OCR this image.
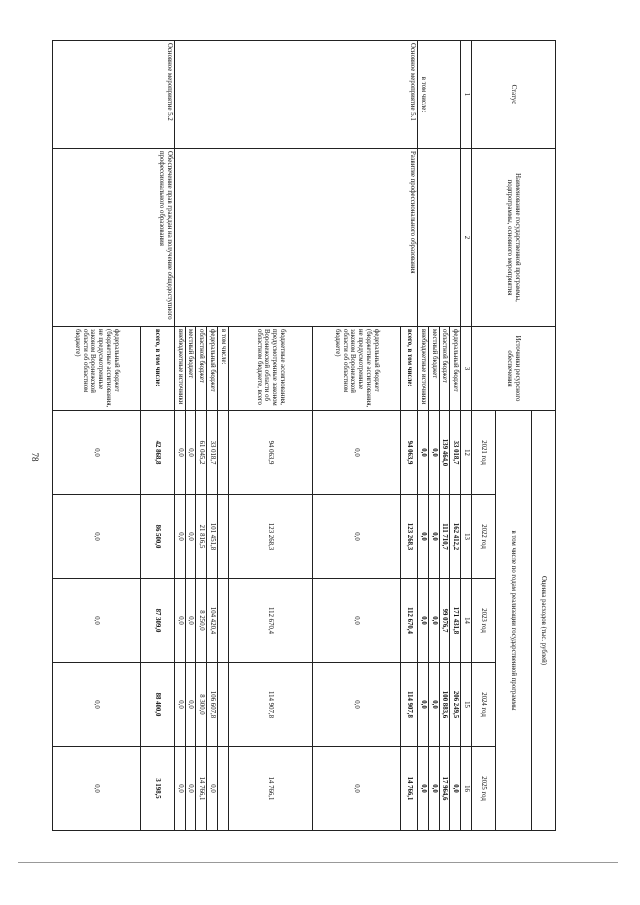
78
Статус	Наименование государственной программы, подпрограммы, основного мероприятия	Источники ресурсного обеспечения	Оценка расходов (тыс. рублей)				
			в том числе по годам реализации государственной программы				
			2021 год	2022 год	2023 год	2024 год	2025 год
1	2	3	12	13	14	15	16
в том числе:		федеральный бюджет	33 018,7	162 412,2	171 431,8	206 249,5	0,0
		областной бюджет	139 464,0	111 710,7	99 076,7	100 883,6	17 964,6
		местный бюджет	0,0	0,0	0,0	0,0	0,0
		внебюджетные источники	0,0	0,0	0,0	0,0	0,0
Основное мероприятие 5.1	Развитие профессионального образования	всего, в том числе:	94 063,9	123 268,3	112 670,4	114 907,8	14 766,1
		федеральный бюджет (бюджетные ассигнования, не предусмотренные законом Воронежской области об областном бюджете)	0,0	0,0	0,0	0,0	0,0
		бюджетные ассигнования, предусмотренные законом Воронежской области об областном бюджете, всего	94 063,9	123 268,3	112 670,4	114 907,8	14 766,1
		в том числе:					
		федеральный бюджет	33 018,7	101 451,8	104 420,4	106 607,8	0,0
		областной бюджет	61 045,2	21 816,5	8 250,0	8 300,0	14 766,1
		местный бюджет	0,0	0,0	0,0	0,0	0,0
		внебюджетные источники	0,0	0,0	0,0	0,0	0,0
Основное мероприятие 5.2	Обеспечение прав граждан на получение общедоступного профессионального образования	всего, в том числе:	42 868,8	86 500,0	87 309,0	88 400,0	3 198,5
		федеральный бюджет (бюджетные ассигнования, не предусмотренные законом Воронежской области об областном бюджете)	0,0	0,0	0,0	0,0	0,0
